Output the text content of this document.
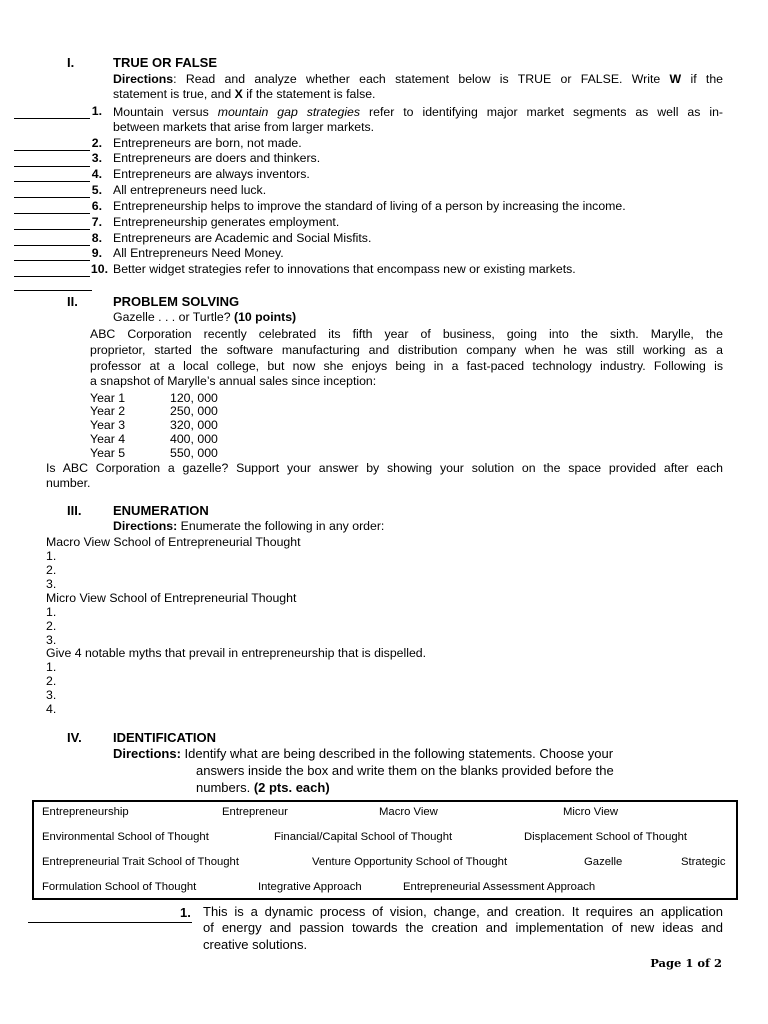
I.	TRUE OR FALSE
Directions: Read and analyze whether each statement below is TRUE or FALSE. Write W if the
statement is true, and X if the statement is false.
1. Mountain versus mountain gap strategies refer to identifying major market segments as well as in-
between markets that arise from larger markets.
2. Entrepreneurs are born, not made.
3. Entrepreneurs are doers and thinkers.
4. Entrepreneurs are always inventors.
5. All entrepreneurs need luck.
6. Entrepreneurship helps to improve the standard of living of a person by increasing the income.
7. Entrepreneurship generates employment.
8. Entrepreneurs are Academic and Social Misfits.
9. All Entrepreneurs Need Money.
10. Better widget strategies refer to innovations that encompass new or existing markets.
II.	PROBLEM SOLVING
Gazelle . . . or Turtle? (10 points)
ABC Corporation recently celebrated its fifth year of business, going into the sixth. Marylle, the
proprietor, started the software manufacturing and distribution company when he was still working as a
professor at a local college, but now she enjoys being in a fast-paced technology industry. Following is
a snapshot of Marylle’s annual sales since inception:
Year 1	120, 000
Year 2	250, 000
Year 3	320, 000
Year 4	400, 000
Year 5	550, 000
Is ABC Corporation a gazelle? Support your answer by showing your solution on the space provided after each
number.
III. ENUMERATION
Directions: Enumerate the following in any order:
Macro View School of Entrepreneurial Thought
1.
2.
3.
Micro View School of Entrepreneurial Thought
1.
2.
3.
Give 4 notable myths that prevail in entrepreneurship that is dispelled.
1.
2.
3.
4.
IV. IDENTIFICATION
Directions: Identify what are being described in the following statements. Choose your
answers inside the box and write them on the blanks provided before the
numbers. (2 pts. each)
Entrepreneurship	Entrepreneur	Macro View	Micro View
Environmental School of Thought	Financial/Capital School of Thought	Displacement School of Thought
Entrepreneurial Trait School of Thought	Venture Opportunity School of Thought	Gazelle	Strategic
Formulation School of Thought	Integrative Approach	Entrepreneurial Assessment Approach
1. This is a dynamic process of vision, change, and creation. It requires an application
of energy and passion towards the creation and implementation of new ideas and
creative solutions.
Page 1 of 2
